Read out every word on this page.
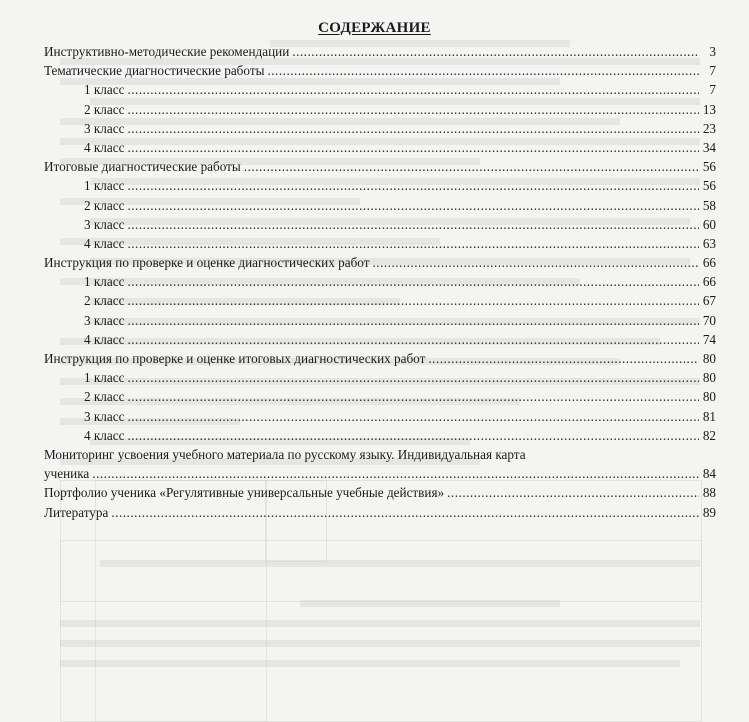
СОДЕРЖАНИЕ
Инструктивно-методические рекомендации .....	3
Тематические диагностические работы .....	7
1 класс .....	7
2 класс .....	13
3 класс .....	23
4 класс .....	34
Итоговые диагностические работы .....	56
1 класс .....	56
2 класс .....	58
3 класс .....	60
4 класс .....	63
Инструкция по проверке и оценке диагностических работ .....	66
1 класс .....	66
2 класс .....	67
3 класс .....	70
4 класс .....	74
Инструкция по проверке и оценке итоговых диагностических работ .....	80
1 класс .....	80
2 класс .....	80
3 класс .....	81
4 класс .....	82
Мониторинг усвоения учебного материала по русскому языку. Индивидуальная карта
ученика .....	84
Портфолио ученика «Регулятивные универсальные учебные действия» .....	88
Литература .....	89
